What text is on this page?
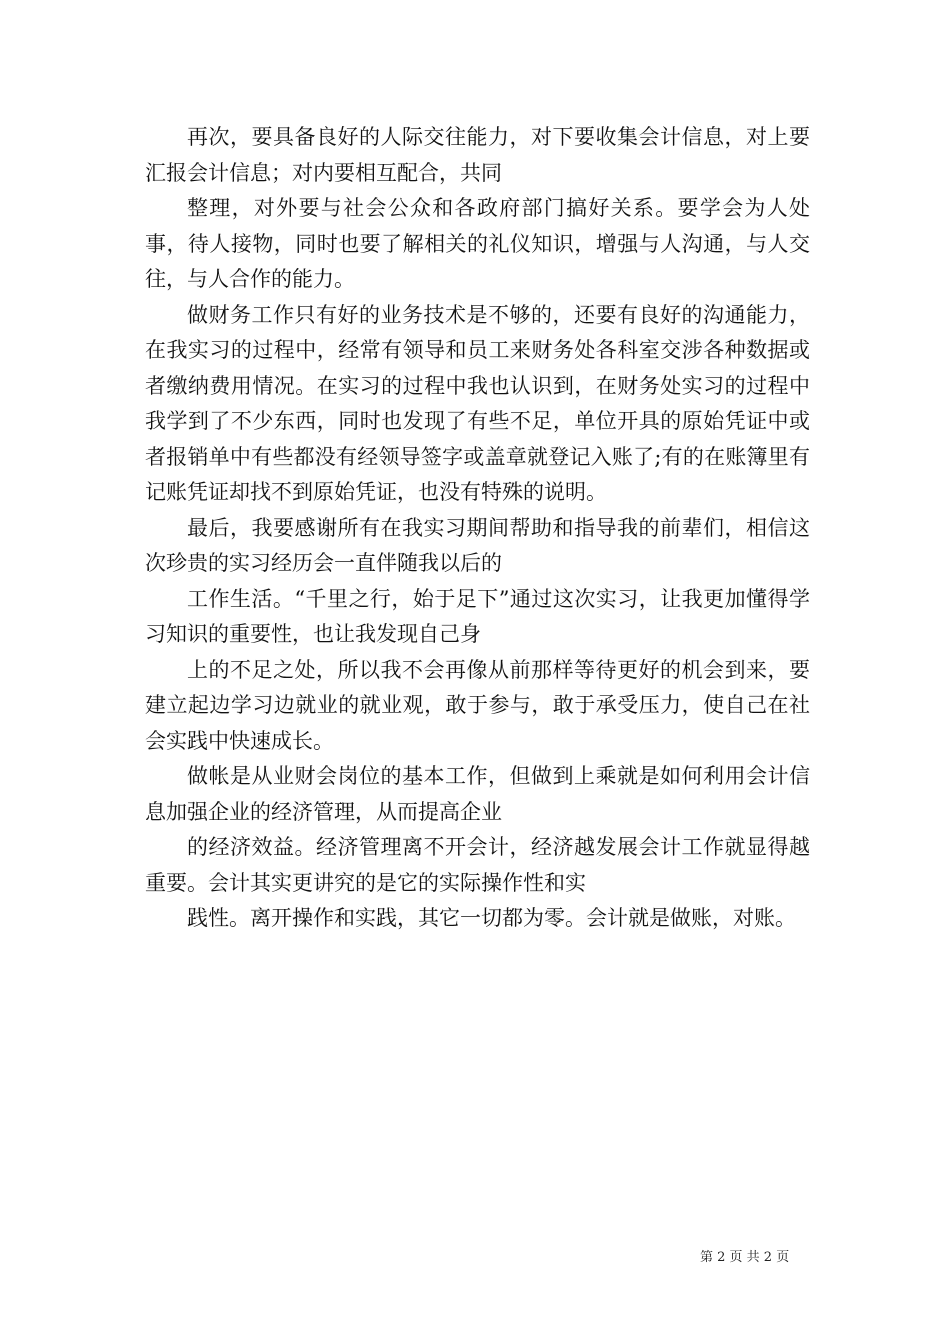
再次，要具备良好的人际交往能力，对下要收集会计信息，对上要汇报会计信息；对内要相互配合，共同

整理，对外要与社会公众和各政府部门搞好关系。要学会为人处事，待人接物，同时也要了解相关的礼仪知识，增强与人沟通，与人交往，与人合作的能力。

做财务工作只有好的业务技术是不够的，还要有良好的沟通能力，在我实习的过程中，经常有领导和员工来财务处各科室交涉各种数据或者缴纳费用情况。在实习的过程中我也认识到，在财务处实习的过程中我学到了不少东西，同时也发现了有些不足，单位开具的原始凭证中或者报销单中有些都没有经领导签字或盖章就登记入账了;有的在账簿里有记账凭证却找不到原始凭证，也没有特殊的说明。

最后，我要感谢所有在我实习期间帮助和指导我的前辈们，相信这次珍贵的实习经历会一直伴随我以后的

工作生活。“千里之行，始于足下”通过这次实习，让我更加懂得学习知识的重要性，也让我发现自己身

上的不足之处，所以我不会再像从前那样等待更好的机会到来，要建立起边学习边就业的就业观，敢于参与，敢于承受压力，使自己在社会实践中快速成长。

做帐是从业财会岗位的基本工作，但做到上乘就是如何利用会计信息加强企业的经济管理，从而提高企业

的经济效益。经济管理离不开会计，经济越发展会计工作就显得越重要。会计其实更讲究的是它的实际操作性和实

践性。离开操作和实践，其它一切都为零。会计就是做账，对账。

第 2 页 共 2 页
